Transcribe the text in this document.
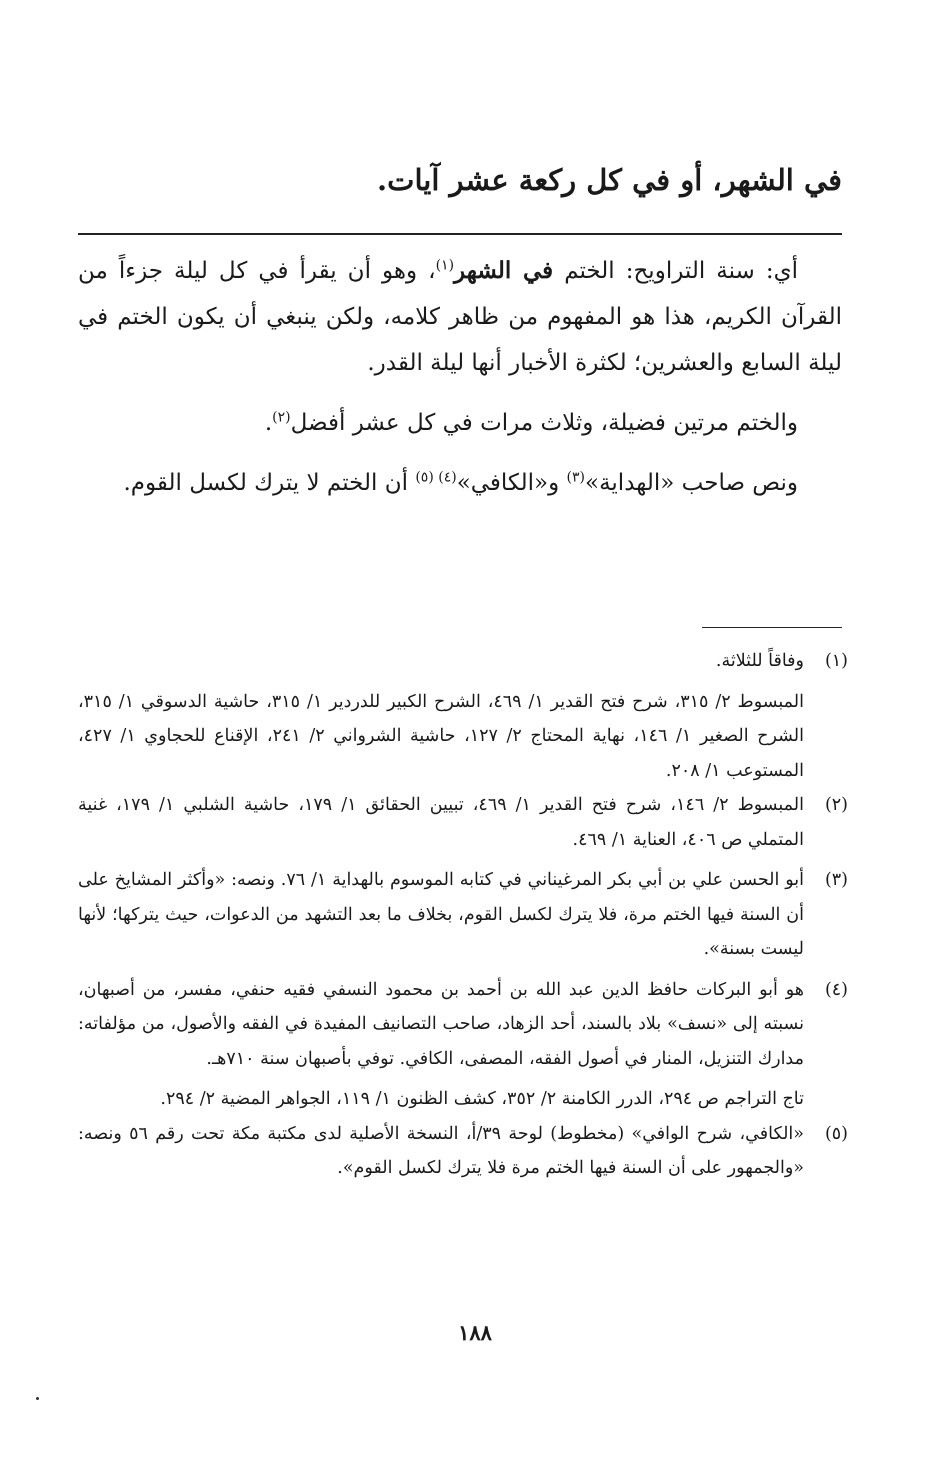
في الشهر، أو في كل ركعة عشر آيات.

أي: سنة التراويح: الختم في الشهر$^{(١)}$، وهو أن يقرأ في كل ليلة جزءاً من القرآن الكريم، هذا هو المفهوم من ظاهر كلامه، ولكن ينبغي أن يكون الختم في ليلة السابع والعشرين؛ لكثرة الأخبار أنها ليلة القدر.

والختم مرتين فضيلة، وثلاث مرات في كل عشر أفضل$^{(٢)}$.

ونص صاحب «الهداية»$^{(٣)}$ و«الكافي»$^{(٤) (٥)}$ أن الختم لا يترك لكسل القوم.

(١)
وفاقاً للثلاثة.
المبسوط ٢/ ٣١٥، شرح فتح القدير ١/ ٤٦٩، الشرح الكبير للدردير ١/ ٣١٥، حاشية الدسوقي ١/ ٣١٥، الشرح الصغير ١/ ١٤٦، نهاية المحتاج ٢/ ١٢٧، حاشية الشرواني ٢/ ٢٤١، الإقناع للحجاوي ١/ ٤٢٧، المستوعب ١/ ٢٠٨.
(٢)
المبسوط ٢/ ١٤٦، شرح فتح القدير ١/ ٤٦٩، تبيين الحقائق ١/ ١٧٩، حاشية الشلبي ١/ ١٧٩، غنية المتملي ص ٤٠٦، العناية ١/ ٤٦٩.
(٣)
أبو الحسن علي بن أبي بكر المرغيناني في كتابه الموسوم بالهداية ١/ ٧٦. ونصه: «وأكثر المشايخ على أن السنة فيها الختم مرة، فلا يترك لكسل القوم، بخلاف ما بعد التشهد من الدعوات، حيث يتركها؛ لأنها ليست بسنة».
(٤)
هو أبو البركات حافظ الدين عبد الله بن أحمد بن محمود النسفي فقيه حنفي، مفسر، من أصبهان، نسبته إلى «نسف» بلاد بالسند، أحد الزهاد، صاحب التصانيف المفيدة في الفقه والأصول، من مؤلفاته: مدارك التنزيل، المنار في أصول الفقه، المصفى، الكافي. توفي بأصبهان سنة ٧١٠هـ.
تاج التراجم ص ٢٩٤، الدرر الكامنة ٢/ ٣٥٢، كشف الظنون ١/ ١١٩، الجواهر المضية ٢/ ٢٩٤.
(٥)
«الكافي، شرح الوافي» (مخطوط) لوحة ٣٩/أ، النسخة الأصلية لدى مكتبة مكة تحت رقم ٥٦ ونصه: «والجمهور على أن السنة فيها الختم مرة فلا يترك لكسل القوم».
١٨٨
